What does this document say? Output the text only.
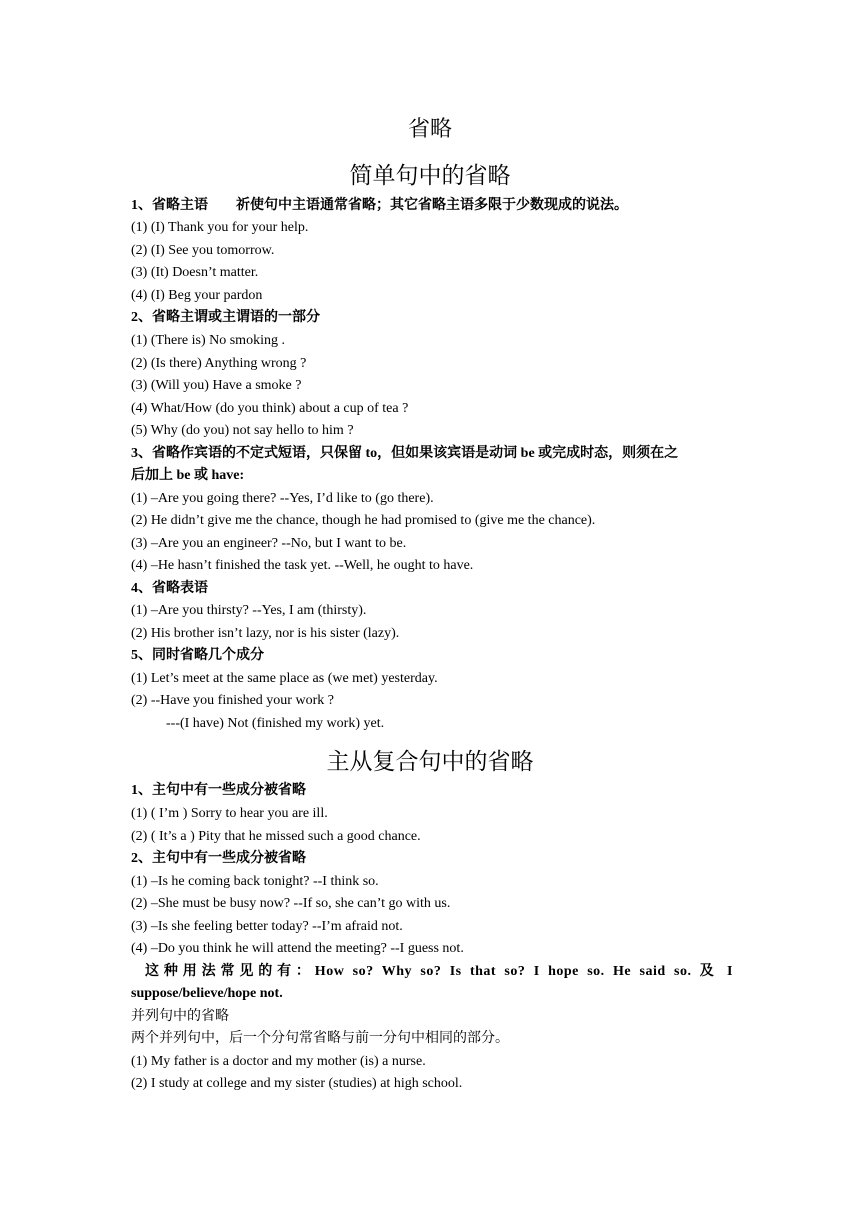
省略
简单句中的省略
1、省略主语　　祈使句中主语通常省略；其它省略主语多限于少数现成的说法。
(1) (I) Thank you for your help.
(2) (I) See you tomorrow.
(3) (It) Doesn’t matter.
(4) (I) Beg your pardon
2、省略主谓或主谓语的一部分
(1) (There is) No smoking .
(2) (Is there) Anything wrong ?
(3) (Will you) Have a smoke ?
(4) What/How (do you think) about a cup of tea ?
(5) Why (do you) not say hello to him ?
3、省略作宾语的不定式短语，只保留 to，但如果该宾语是动词 be 或完成时态，则须在之
后加上 be 或 have:
(1) –Are you going there? --Yes, I’d like to (go there).
(2) He didn’t give me the chance, though he had promised to (give me the chance).
(3) –Are you an engineer? --No, but I want to be.
(4) –He hasn’t finished the task yet. --Well, he ought to have.
4、省略表语
(1) –Are you thirsty? --Yes, I am (thirsty).
(2) His brother isn’t lazy, nor is his sister (lazy).
5、同时省略几个成分
(1) Let’s meet at the same place as (we met) yesterday.
(2) --Have you finished your work ?
---(I have) Not (finished my work) yet.
主从复合句中的省略
1、主句中有一些成分被省略
(1) ( I’m ) Sorry to hear you are ill.
(2) ( It’s a ) Pity that he missed such a good chance.
2、主句中有一些成分被省略
(1) –Is he coming back tonight? --I think so.
(2) –She must be busy now? --If so, she can’t go with us.
(3) –Is she feeling better today? --I’m afraid not.
(4) –Do you think he will attend the meeting? --I guess not.
这种用法常见的有：How so? Why so? Is that so? I hope so. He said so. 及 I
suppose/believe/hope not.
并列句中的省略
两个并列句中，后一个分句常省略与前一分句中相同的部分。
(1) My father is a doctor and my mother (is) a nurse.
(2) I study at college and my sister (studies) at high school.
